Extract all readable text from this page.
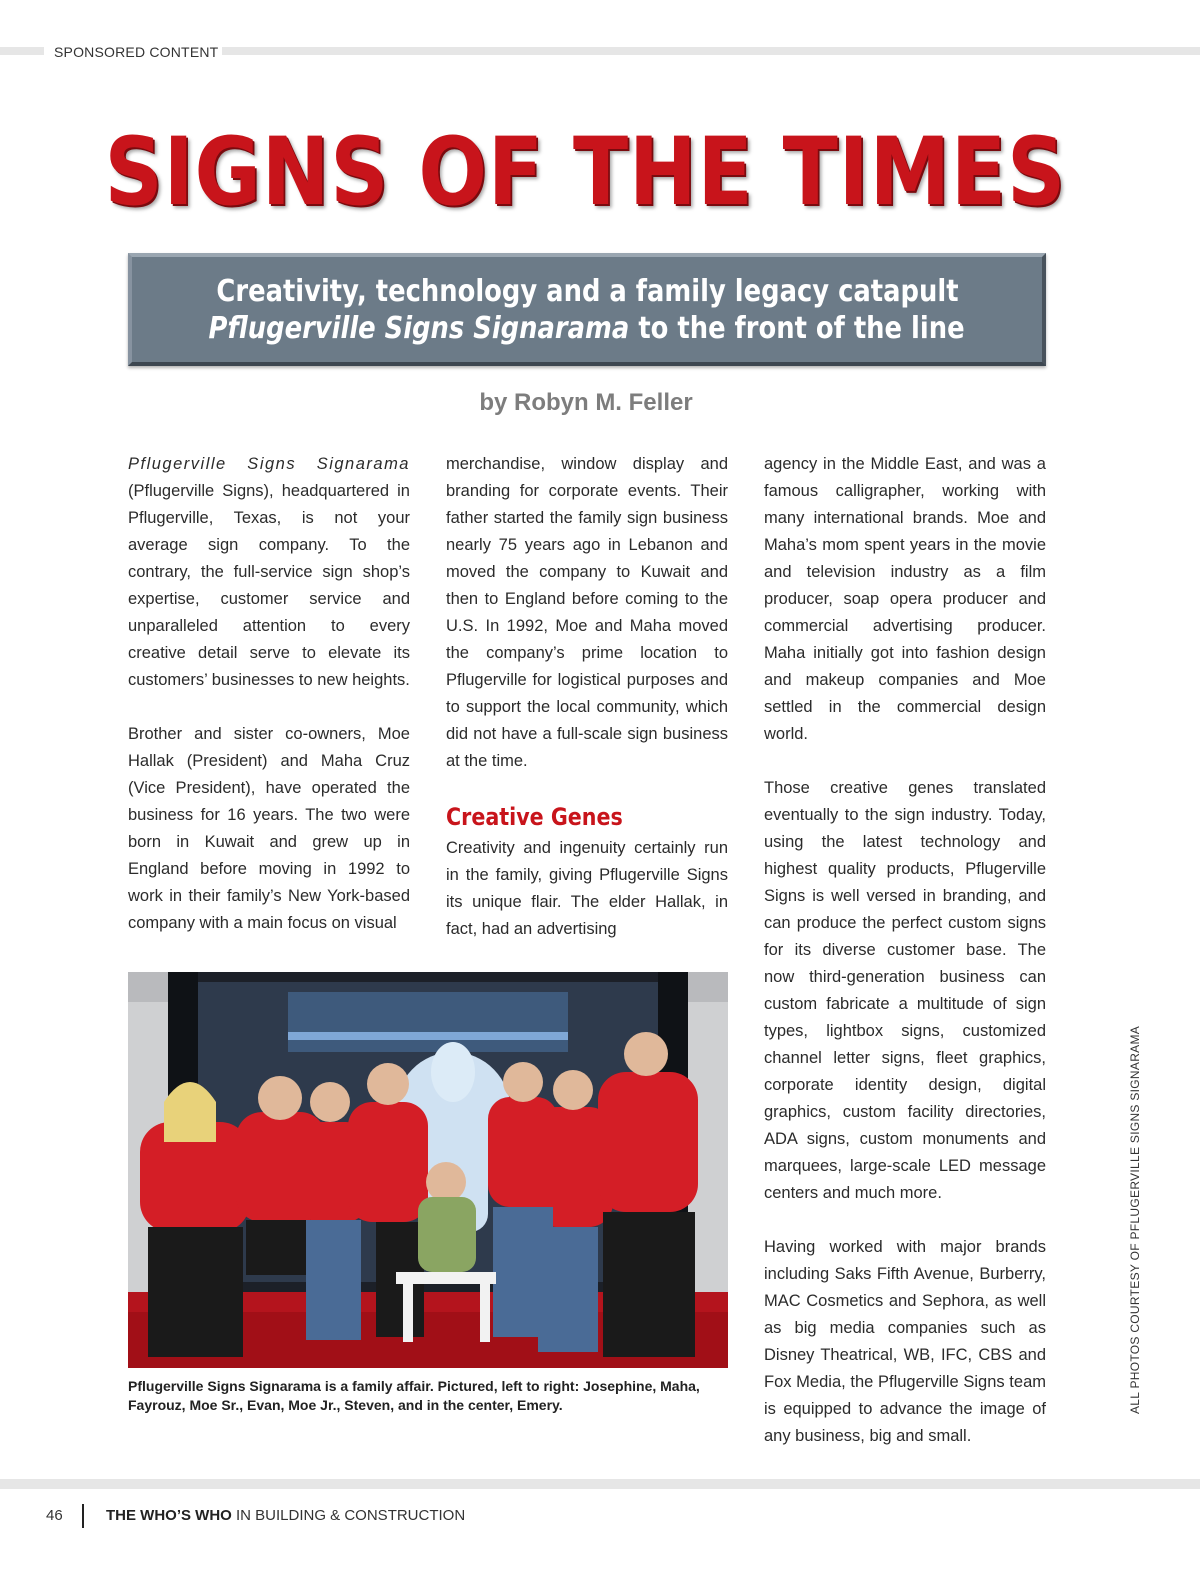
SPONSORED CONTENT
SIGNS OF THE TIMES
Creativity, technology and a family legacy catapult
Pflugerville Signs Signarama to the front of the line
by Robyn M. Feller

Pflugerville Signs Signarama (Pflugerville Signs), headquartered in Pflugerville, Texas, is not your average sign company. To the contrary, the full-service sign shop’s expertise, customer service and unparalleled attention to every creative detail serve to elevate its customers’ businesses to new heights.

Brother and sister co-owners, Moe Hallak (President) and Maha Cruz (Vice President), have operated the business for 16 years. The two were born in Kuwait and grew up in England before moving in 1992 to work in their family’s New York-based company with a main focus on visual

merchandise, window display and branding for corporate events. Their father started the family sign business nearly 75 years ago in Lebanon and moved the company to Kuwait and then to England before coming to the U.S. In 1992, Moe and Maha moved the company’s prime location to Pflugerville for logistical purposes and to support the local community, which did not have a full-scale sign business at the time.

Creative Genes

Creativity and ingenuity certainly run in the family, giving Pflugerville Signs its unique flair. The elder Hallak, in fact, had an advertising

agency in the Middle East, and was a famous calligrapher, working with many international brands. Moe and Maha’s mom spent years in the movie and television industry as a film producer, soap opera producer and commercial advertising producer. Maha initially got into fashion design and makeup companies and Moe settled in the commercial design world.

Those creative genes translated eventually to the sign industry. Today, using the latest technology and highest quality products, Pflugerville Signs is well versed in branding, and can produce the perfect custom signs for its diverse customer base. The now third-generation business can custom fabricate a multitude of sign types, lightbox signs, customized channel letter signs, fleet graphics, corporate identity design, digital graphics, custom facility directories, ADA signs, custom monuments and marquees, large-scale LED message centers and much more.

Having worked with major brands including Saks Fifth Avenue, Burberry, MAC Cosmetics and Sephora, as well as big media companies such as Disney Theatrical, WB, IFC, CBS and Fox Media, the Pflugerville Signs team is equipped to advance the image of any business, big and small.

Pflugerville Signs Signarama is a family affair. Pictured, left to right: Josephine, Maha, Fayrouz, Moe Sr., Evan, Moe Jr., Steven, and in the center, Emery.	ALL PHOTOS COURTESY OF PFLUGERVILLE SIGNS SIGNARAMA
46	THE WHO’S WHO IN BUILDING & CONSTRUCTION
